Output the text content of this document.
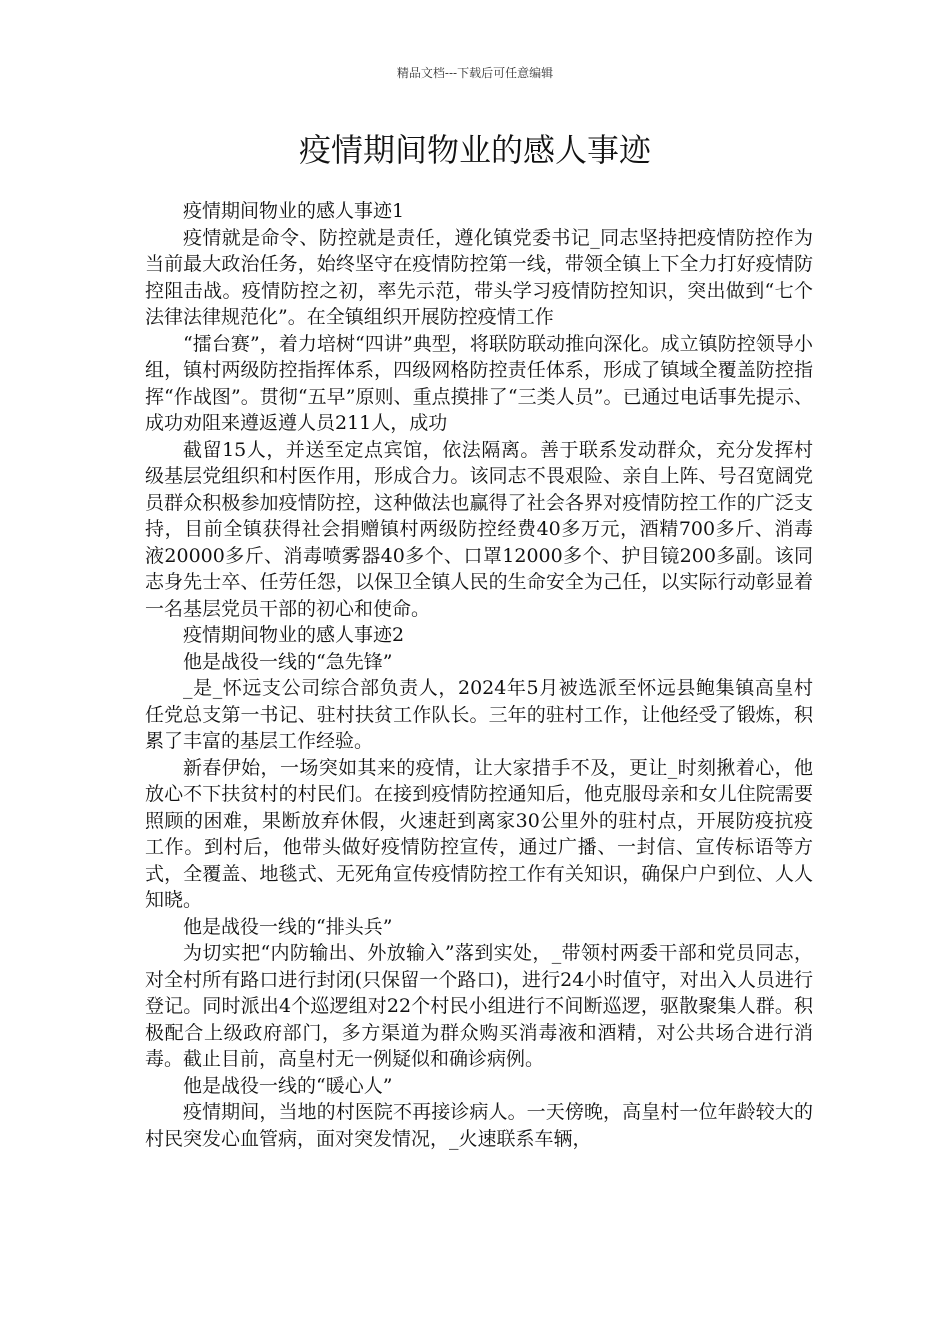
精品文档---下载后可任意编辑
疫情期间物业的感人事迹

疫情期间物业的感人事迹1

疫情就是命令、防控就是责任，遵化镇党委书记_同志坚持把疫情防控作为当前最大政治任务，始终坚守在疫情防控第一线，带领全镇上下全力打好疫情防控阻击战。疫情防控之初，率先示范，带头学习疫情防控知识，突出做到“七个法律法律规范化”。在全镇组织开展防控疫情工作

“擂台赛”，着力培树“四讲”典型，将联防联动推向深化。成立镇防控领导小组，镇村两级防控指挥体系，四级网格防控责任体系，形成了镇域全覆盖防控指挥“作战图”。贯彻“五早”原则、重点摸排了“三类人员”。已通过电话事先提示、成功劝阻来遵返遵人员211人，成功

截留15人，并送至定点宾馆，依法隔离。善于联系发动群众，充分发挥村级基层党组织和村医作用，形成合力。该同志不畏艰险、亲自上阵、号召宽阔党员群众积极参加疫情防控，这种做法也赢得了社会各界对疫情防控工作的广泛支持，目前全镇获得社会捐赠镇村两级防控经费40多万元，酒精700多斤、消毒液20000多斤、消毒喷雾器40多个、口罩12000多个、护目镜200多副。该同志身先士卒、任劳任怨，以保卫全镇人民的生命安全为己任，以实际行动彰显着一名基层党员干部的初心和使命。

疫情期间物业的感人事迹2

他是战役一线的“急先锋”

_是_怀远支公司综合部负责人，2024年5月被选派至怀远县鲍集镇高皇村任党总支第一书记、驻村扶贫工作队长。三年的驻村工作，让他经受了锻炼，积累了丰富的基层工作经验。

新春伊始，一场突如其来的疫情，让大家措手不及，更让_时刻揪着心，他放心不下扶贫村的村民们。在接到疫情防控通知后，他克服母亲和女儿住院需要照顾的困难，果断放弃休假，火速赶到离家30公里外的驻村点，开展防疫抗疫工作。到村后，他带头做好疫情防控宣传，通过广播、一封信、宣传标语等方式，全覆盖、地毯式、无死角宣传疫情防控工作有关知识，确保户户到位、人人知晓。

他是战役一线的“排头兵”

为切实把“内防输出、外放输入”落到实处，_带领村两委干部和党员同志，对全村所有路口进行封闭(只保留一个路口)，进行24小时值守，对出入人员进行登记。同时派出4个巡逻组对22个村民小组进行不间断巡逻，驱散聚集人群。积极配合上级政府部门，多方渠道为群众购买消毒液和酒精，对公共场合进行消毒。截止目前，高皇村无一例疑似和确诊病例。

他是战役一线的“暖心人”

疫情期间，当地的村医院不再接诊病人。一天傍晚，高皇村一位年龄较大的村民突发心血管病，面对突发情况，_火速联系车辆，
